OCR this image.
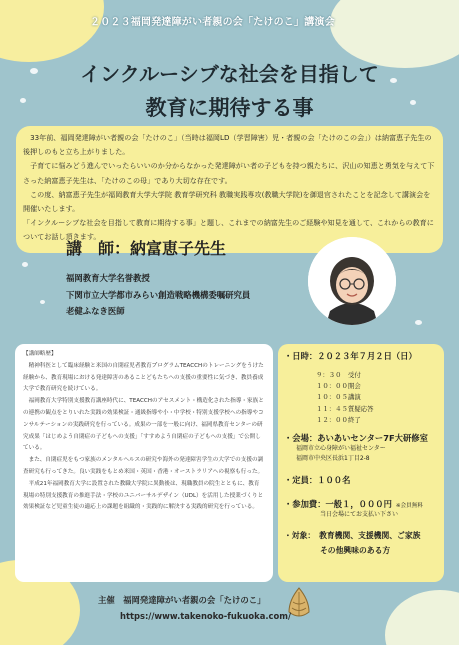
２０２３福岡発達障がい者親の会「たけのこ」講演会
インクルーシブな社会を目指して
教育に期待する事

33年前、福岡発達障がい者親の会「たけのこ」（当時は福岡LD（学習障害）児・者親の会「たけのこの会」）は納富恵子先生の後押しのもと立ち上がりました。

子育てに悩みどう進んでいったらいいのか分からなかった発達障がい者の子どもを持つ親たちに、沢山の知恵と勇気を与えて下さった納富恵子先生は、「たけのこの母」であり大切な存在です。

この度、納富恵子先生が福岡教育大学大学院 教育学研究科 教職実践専攻(教職大学院)を御退官されたことを記念して講演会を開催いたします。

「インクルーシブな社会を目指して教育に期待する事」と題し、これまでの納富先生のご経験や知見を通して、これからの教育についてお話し頂きます。

講　師：納富恵子先生
福岡教育大学名誉教授
下関市立大学都市みらい創造戦略機構委嘱研究員
老健ふなき医師

【講師略歴】

精神科医として臨床経験と米国の自閉症児者教育プログラムTEACCHのトレーニングをうけた経験から、教育現場における発達障害のあることどもたちへの支援の重要性に気づき、教員養成大学で教育研究を続けている。

福岡教育大学特別支援教育講座時代に、TEACCHのアセスメント・構造化された指導・家族との連携の観点をとりいれた実践の効果検証・通級指導や小・中学校・特別支援学校への指導やコンサルテーションの実践研究を行っている。成果の一部を一般に向け、福岡県教育センターの研究成果「はじめよう自閉症の子どもへの支援」「すすめよう自閉症の子どもへの支援」で公開している。

また、自閉症児をもつ家族のメンタルヘルスの研究や海外の発達障害学生の大学での支援の調査研究も行ってきた。良い実践をもとめ米国・英国・香港・オーストラリアへの視察も行った。

平成21年福岡教育大学に設置された教職大学院に異動後は、現職教員の院生とともに、教育現場の特別支援教育の推進手法・学校のユニバーサルデザイン（UDL）を活用した授業づくりと効果検証など児童生徒の適応上の課題を組織的・実践的に解決する実践的研究を行っている。

・日時：２０２３年７月２日（日）
９：３０	受付
１０：００ 開会
１０：０５ 講演
１１：４５ 質疑応答
１２：００ 終了
・会場：あいあいセンター7F大研修室
福岡市立心身障がい福祉センター
福岡市中央区長浜1丁目2-8
・定員：１００名
・参加費：一般１，０００円 ※会員無料
当日会場にてお支払い下さい
・対象：　教育機関、支援機関、ご家族
その他興味のある方
主催　福岡発達障がい者親の会「たけのこ」
https://www.takenoko-fukuoka.com/
